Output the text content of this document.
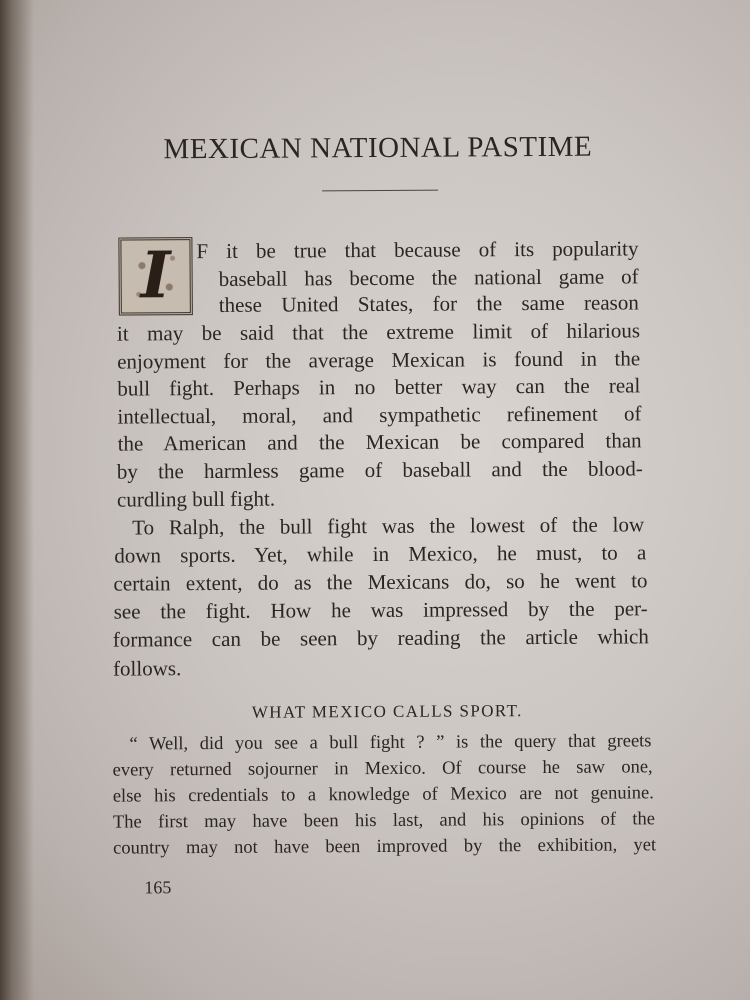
MEXICAN NATIONAL PASTIME
I F it be true that because of its popularity
baseball has become the national game of
these United States, for the same reason
it may be said that the extreme limit of hilarious
enjoyment for the average Mexican is found in the
bull fight. Perhaps in no better way can the real
intellectual, moral, and sympathetic refinement of
the American and the Mexican be compared than
by the harmless game of baseball and the blood-
curdling bull fight.
To Ralph, the bull fight was the lowest of the low
down sports. Yet, while in Mexico, he must, to a
certain extent, do as the Mexicans do, so he went to
see the fight. How he was impressed by the per-
formance can be seen by reading the article which
follows.
WHAT MEXICO CALLS SPORT.
“ Well, did you see a bull fight ? ” is the query that greets
every returned sojourner in Mexico. Of course he saw one,
else his credentials to a knowledge of Mexico are not genuine.
The first may have been his last, and his opinions of the
country may not have been improved by the exhibition, yet
165
